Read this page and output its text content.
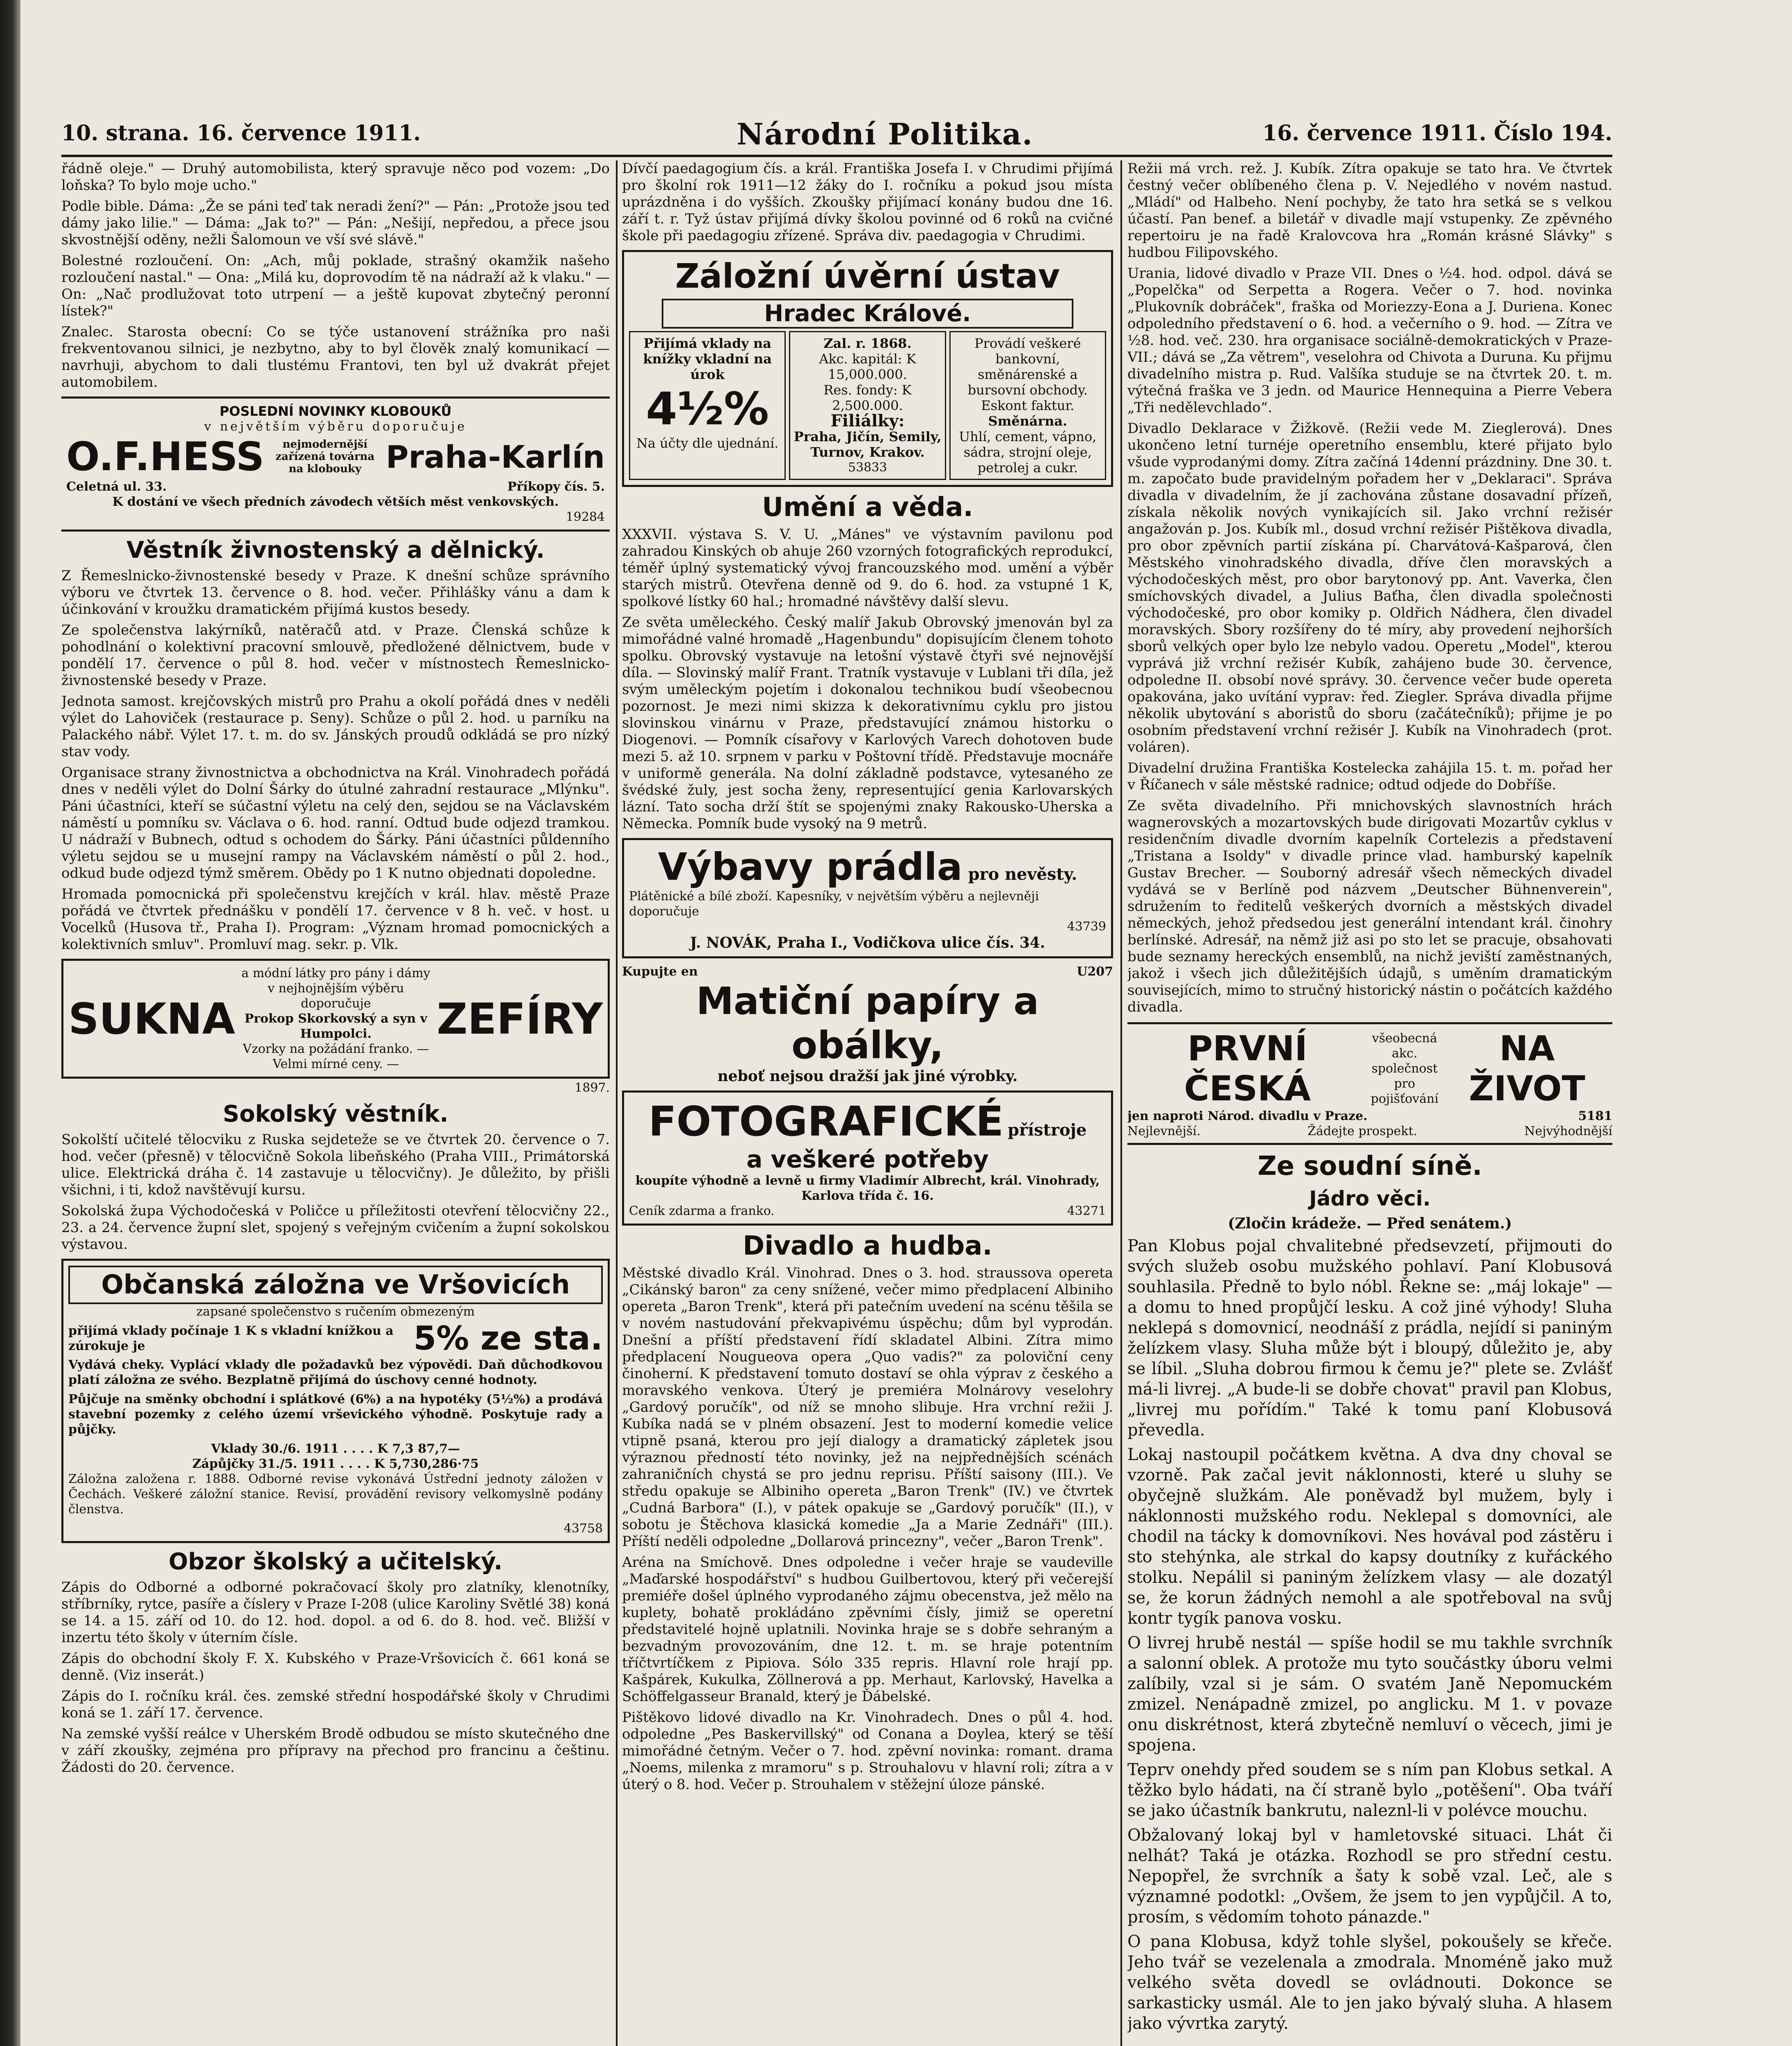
10. strana. 16. července 1911.	Národní Politika.	16. července 1911. Číslo 194.

řádně oleje." — Druhý automobilista, který spravuje něco pod vozem: „Do loňska? To bylo moje ucho."

Podle bible. Dáma: „Že se páni teď tak neradi žení?" — Pán: „Protože jsou teď dámy jako lilie." — Dáma: „Jak to?" — Pán: „Nešijí, nepředou, a přece jsou skvostnější oděny, nežli Šalomoun ve vší své slávě."

Bolestné rozloučení. On: „Ach, můj poklade, strašný okamžik našeho rozloučení nastal." — Ona: „Milá ku, doprovodím tě na nádraží až k vlaku." — On: „Nač prodlužovat toto utrpení — a ještě kupovat zbytečný peronní lístek?"

Znalec. Starosta obecní: Co se týče ustanovení strážníka pro naši frekventovanou silnici, je nezbytno, aby to byl člověk znalý komunikací — navrhuji, abychom to dali tlustému Frantovi, ten byl už dvakrát přejet automobilem.

POSLEDNÍ NOVINKY KLOBOUKŮ
v největším výběru doporučuje
O.F.HESS	nejmodernější zařízená továrna na klobouky Praha-Karlín
Celetná ul. 33.	Příkopy čís. 5.
K dostání ve všech předních závodech větších měst venkovských.
19284
Věstník živnostenský a dělnický.

Z Řemeslnicko-živnostenské besedy v Praze. K dnešní schůze správního výboru ve čtvrtek 13. července o 8. hod. večer. Přihlášky vánu a dam k účinkování v kroužku dramatickém přijímá kustos besedy.

Ze společenstva lakýrníků, natěračů atd. v Praze. Členská schůze k pohodlnání o kolektivní pracovní smlouvě, předložené dělnictvem, bude v pondělí 17. července o půl 8. hod. večer v místnostech Řemeslnicko-živnostenské besedy v Praze.

Jednota samost. krejčovských mistrů pro Prahu a okolí pořádá dnes v neděli výlet do Lahoviček (restaurace p. Seny). Schůze o půl 2. hod. u parníku na Palackého nábř. Výlet 17. t. m. do sv. Jánských proudů odkládá se pro nízký stav vody.

Organisace strany živnostnictva a obchodnictva na Král. Vinohradech pořádá dnes v neděli výlet do Dolní Šárky do útulné zahradní restaurace „Mlýnku". Páni účastníci, kteří se súčastní výletu na celý den, sejdou se na Václavském náměstí u pomníku sv. Václava o 6. hod. ranní. Odtud bude odjezd tramkou. U nádraží v Bubnech, odtud s ochodem do Šárky. Páni účastníci půldenního výletu sejdou se u musejní rampy na Václavském náměstí o půl 2. hod., odkud bude odjezd týmž směrem. Obědy po 1 K nutno objednati dopoledne.

Hromada pomocnická při společenstvu krejčích v král. hlav. městě Praze pořádá ve čtvrtek přednášku v pondělí 17. července v 8 h. več. v host. u Vocelků (Husova tř., Praha I). Program: „Význam hromad pomocnických a kolektivních smluv". Promluví mag. sekr. p. Vlk.

SUKNA
a módní látky pro pány i dámy v nejhojnějším výběru doporučuje
Prokop Skorkovský a syn v Humpolci.
Vzorky na požádání franko. — Velmi mírné ceny. —
ZEFÍRY
1897.
Sokolský věstník.

Sokolští učitelé tělocviku z Ruska sejdeteže se ve čtvrtek 20. července o 7. hod. večer (přesně) v tělocvičně Sokola libeňského (Praha VIII., Primátorská ulice. Elektrická dráha č. 14 zastavuje u tělocvičny). Je důležito, by přišli všichni, i ti, kdož navštěvují kursu.

Sokolská župa Východočeská v Poličce u příležitosti otevření tělocvičny 22., 23. a 24. července župní slet, spojený s veřejným cvičením a župní sokolskou výstavou.

Občanská záložna ve Vršovicích
zapsané společenstvo s ručením obmezeným
přijímá vklady počínaje 1 K s vkladní knížkou a zúrokuje je	5% ze sta.

Vydává cheky. Vyplácí vklady dle požadavků bez výpovědi. Daň důchodkovou platí záložna ze svého. Bezplatně přijímá do úschovy cenné hodnoty.

Půjčuje na směnky obchodní i splátkové (6%) a na hypotéky (5½%) a prodává stavební pozemky z celého území vrševického výhodně. Poskytuje rady a půjčky.

Vklady 30./6. 1911 . . . . K 7,3 87,7—
Zápůjčky 31./5. 1911 . . . . K 5,730,286·75

Záložna založena r. 1888. Odborné revise vykonává Ústřední jednoty záložen v Čechách. Veškeré záložní stanice. Revisí, provádění revisory velkomyslně podány členstva.

43758
Obzor školský a učitelský.

Zápis do Odborné a odborné pokračovací školy pro zlatníky, klenotníky, stříbrníky, rytce, pasíře a číslery v Praze I-208 (ulice Karoliny Světlé 38) koná se 14. a 15. září od 10. do 12. hod. dopol. a od 6. do 8. hod. več. Bližší v inzertu této školy v úterním čísle.

Zápis do obchodní školy F. X. Kubského v Praze-Vršovicích č. 661 koná se denně. (Viz inserát.)

Zápis do I. ročníku král. čes. zemské střední hospodářské školy v Chrudimi koná se 1. září 17. července.

Na zemské vyšší reálce v Uherském Brodě odbudou se místo skutečného dne v září zkoušky, zejména pro přípravy na přechod pro francinu a češtinu. Žádosti do 20. července.

Dívčí paedagogium čís. a král. Františka Josefa I. v Chrudimi přijímá pro školní rok 1911—12 žáky do I. ročníku a pokud jsou místa uprázdněna i do vyšších. Zkoušky přijímací konány budou dne 16. září t. r. Tyž ústav přijímá dívky školou povinné od 6 roků na cvičné škole při paedagogiu zřízené. Správa div. paedagogia v Chrudimi.

Záložní úvěrní ústav
Hradec Králové.
Přijímá vklady na knížky vkladní na úrok
4½%
Na účty dle ujednání.
Zal. r. 1868.
Akc. kapitál: K 15,000.000.
Res. fondy: K 2,500.000.
Filiálky:
Praha, Jičín, Semily, Turnov, Krakov.
53833
Provádí veškeré bankovní, směnárenské a bursovní obchody. Eskont faktur.
Směnárna.
Uhlí, cement, vápno, sádra, strojní oleje, petrolej a cukr.
Umění a věda.

XXXVII. výstava S. V. U. „Mánes" ve výstavním pavilonu pod zahradou Kinských ob ahuje 260 vzorných fotografických reprodukcí, téměř úplný systematický vývoj francouzského mod. umění a výběr starých mistrů. Otevřena denně od 9. do 6. hod. za vstupné 1 K, spolkové lístky 60 hal.; hromadné návštěvy další slevu.

Ze světa uměleckého. Český malíř Jakub Obrovský jmenován byl za mimořádné valné hromadě „Hagenbundu" dopisujícím členem tohoto spolku. Obrovský vystavuje na letošní výstavě čtyři své nejnovější díla. — Slovinský malíř Frant. Tratník vystavuje v Lublani tři díla, jež svým uměleckým pojetím i dokonalou technikou budí všeobecnou pozornost. Je mezi nimi skizza k dekorativnímu cyklu pro jistou slovinskou vinárnu v Praze, představující známou historku o Diogenovi. — Pomník císařovy v Karlových Varech dohotoven bude mezi 5. až 10. srpnem v parku v Poštovní třídě. Představuje mocnáře v uniformě generála. Na dolní základně podstavce, vytesaného ze švédské žuly, jest socha ženy, representující genia Karlovarských lázní. Tato socha drží štít se spojenými znaky Rakousko-Uherska a Německa. Pomník bude vysoký na 9 metrů.

Výbavy prádla pro nevěsty.
Plátěnické a bílé zboží. Kapesníky, v největším výběru a nejlevněji doporučuje
43739
J. NOVÁK, Praha I., Vodičkova ulice čís. 34.
Kupujte en	U207
Matiční papíry a obálky,
neboť nejsou dražší jak jiné výrobky.
FOTOGRAFICKÉ přístroje
a veškeré potřeby
koupíte výhodně a levně u firmy Vladimír Albrecht, král. Vinohrady, Karlova třída č. 16.
Ceník zdarma a franko.	43271
Divadlo a hudba.

Městské divadlo Král. Vinohrad. Dnes o 3. hod. straussova opereta „Cikánský baron" za ceny snížené, večer mimo předplacení Albiniho opereta „Baron Trenk", která při patečním uvedení na scénu těšila se v novém nastudování překvapivému úspěchu; dům byl vyprodán. Dnešní a příští představení řídí skladatel Albini. Zítra mimo předplacení Nougueova opera „Quo vadis?" za poloviční ceny činoherní. K představení tomuto dostaví se ohla výprav z českého a moravského venkova. Úterý je premiéra Molnárovy veselohry „Gardový poručík", od níž se mnoho slibuje. Hra vrchní režii J. Kubíka nadá se v plném obsazení. Jest to moderní komedie velice vtipně psaná, kterou pro její dialogy a dramatický zápletek jsou výraznou předností této novinky, jež na nejpřednějších scénách zahraničních chystá se pro jednu reprisu. Příští saisony (III.). Ve středu opakuje se Albiniho opereta „Baron Trenk" (IV.) ve čtvrtek „Cudná Barbora" (I.), v pátek opakuje se „Gardový poručík" (II.), v sobotu je Štěchova klasická komedie „Ja a Marie Zednáři" (III.). Příští neděli odpoledne „Dollarová princezny", večer „Baron Trenk".

Aréna na Smíchově. Dnes odpoledne i večer hraje se vaudeville „Maďarské hospodářství" s hudbou Guilbertovou, který při večerejší premiéře došel úplného vyprodaného zájmu obecenstva, jež mělo na kuplety, bohatě prokládáno zpěvními čísly, jimiž se operetní představitelé hojně uplatnili. Novinka hraje se s dobře sehraným a bezvadným provozováním, dne 12. t. m. se hraje potentním tříčtvrtíčkem z Pipiova. Sólo 335 repris. Hlavní role hrají pp. Kašpárek, Kukulka, Zöllnerová a pp. Merhaut, Karlovský, Havelka a Schöffelgasseur Branald, který je Ďábelské.

Pištěkovo lidové divadlo na Kr. Vinohradech. Dnes o půl 4. hod. odpoledne „Pes Baskervillský" od Conana a Doylea, který se těší mimořádné četným. Večer o 7. hod. zpěvní novinka: romant. drama „Noems, milenka z mramoru" s p. Strouhalovu v hlavní roli; zítra a v úterý o 8. hod. Večer p. Strouhalem v stěžejní úloze pánské.

Režii má vrch. rež. J. Kubík. Zítra opakuje se tato hra. Ve čtvrtek čestný večer oblíbeného člena p. V. Nejedlého v novém nastud. „Mládí" od Halbeho. Není pochyby, že tato hra setká se s velkou účastí. Pan benef. a biletář v divadle mají vstupenky. Ze zpěvného repertoiru je na řadě Kralovcova hra „Román krásné Slávky" s hudbou Filipovského.

Urania, lidové divadlo v Praze VII. Dnes o ½4. hod. odpol. dává se „Popelčka" od Serpetta a Rogera. Večer o 7. hod. novinka „Plukovník dobráček", fraška od Moriezzy-Eona a J. Duriena. Konec odpoledního představení o 6. hod. a večerního o 9. hod. — Zítra ve ½8. hod. več. 230. hra organisace sociálně-demokratických v Praze-VII.; dává se „Za větrem", veselohra od Chivota a Duruna. Ku přijmu divadelního mistra p. Rud. Valšíka studuje se na čtvrtek 20. t. m. výtečná fraška ve 3 jedn. od Maurice Hennequina a Pierre Vebera „Tři nedělevchlado“.

Divadlo Deklarace v Žižkově. (Režii vede M. Zieglerová). Dnes ukončeno letní turnéje operetního ensemblu, které přijato bylo všude vyprodanými domy. Zítra začíná 14denní prázdniny. Dne 30. t. m. započato bude pravidelným pořadem her v „Deklaraci". Správa divadla v divadelním, že jí zachována zůstane dosavadní přízeň, získala několik nových vynikajících sil. Jako vrchní režisér angažován p. Jos. Kubík ml., dosud vrchní režisér Pištěkova divadla, pro obor zpěvních partií získána pí. Charvátová-Kašparová, člen Městského vinohradského divadla, dříve člen moravských a východočeských měst, pro obor barytonový pp. Ant. Vaverka, člen smíchovských divadel, a Julius Baťha, člen divadla společnosti východočeské, pro obor komiky p. Oldřich Nádhera, člen divadel moravských. Sbory rozšířeny do té míry, aby provedení nejhorších sborů velkých oper bylo lze nebylo vadou. Operetu „Model", kterou vyprává již vrchní režisér Kubík, zahájeno bude 30. července, odpoledne II. obsobí nové správy. 30. července večer bude opereta opakována, jako uvítání vyprav: řed. Ziegler. Správa divadla přijme několik ubytování s aboristů do sboru (začátečníků); přijme je po osobním představení vrchní režisér J. Kubík na Vinohradech (prot. voláren).

Divadelní družina Františka Kostelecka zahájila 15. t. m. pořad her v Říčanech v sále městské radnice; odtud odjede do Dobříše.

Ze světa divadelního. Při mnichovských slavnostních hrách wagnerovských a mozartovských bude dirigovati Mozartův cyklus v residenčním divadle dvorním kapelník Cortelezis a představení „Tristana a Isoldy" v divadle prince vlad. hamburský kapelník Gustav Brecher. — Souborný adresář všech německých divadel vydává se v Berlíně pod názvem „Deutscher Bühnenverein", sdružením to ředitelů veškerých dvorních a městských divadel německých, jehož předsedou jest generální intendant král. činohry berlínské. Adresář, na němž již asi po sto let se pracuje, obsahovati bude seznamy hereckých ensemblů, na nichž jeviští zaměstnaných, jakož i všech jich důležitějších údajů, s uměním dramatickým souvisejících, mimo to stručný historický nástin o počátcích každého divadla.

PRVNÍ ČESKÁ
všeobecná akc. společnost
pro
pojišťování
NA ŽIVOT
jen naproti Národ. divadlu v Praze.	5181
Nejlevnější.	Žádejte prospekt.	Nejvýhodnější
Ze soudní síně.
Jádro věci.
(Zločin krádeže. — Před senátem.)

Pan Klobus pojal chvalitebné předsevzetí, přijmouti do svých služeb osobu mužského pohlaví. Paní Klobusová souhlasila. Předně to bylo nóbl. Řekne se: „máj lokaje" — a domu to hned propůjčí lesku. A což jiné výhody! Sluha neklepá s domovnicí, neodnáší z prádla, nejídí si paniným želízkem vlasy. Sluha může být i bloupý, důležito je, aby se líbil. „Sluha dobrou firmou k čemu je?" plete se. Zvlášť má-li livrej. „A bude-li se dobře chovat" pravil pan Klobus, „livrej mu pořídím." Také k tomu paní Klobusová převedla.

Lokaj nastoupil počátkem května. A dva dny choval se vzorně. Pak začal jevit náklonnosti, které u sluhy se obyčejně služkám. Ale poněvadž byl mužem, byly i náklonnosti mužského rodu. Neklepal s domovníci, ale chodil na tácky k domovníkovi. Nes hovával pod zástěru i sto stehýnka, ale strkal do kapsy doutníky z kuřáckého stolku. Nepálil si paniným želízkem vlasy — ale dozatýl se, že korun žádných nemohl a ale spotřeboval na svůj kontr tygík panova vosku.

O livrej hrubě nestál — spíše hodil se mu takhle svrchník a salonní oblek. A protože mu tyto součástky úboru velmi zalíbily, vzal si je sám. O svatém Janě Nepomuckém zmizel. Nenápadně zmizel, po anglicku. M 1. v povaze onu diskrétnost, která zbytečně nemluví o věcech, jimi je spojena.

Teprv onehdy před soudem se s ním pan Klobus setkal. A těžko bylo hádati, na čí straně bylo „potěšení". Oba tváří se jako účastník bankrutu, naleznl-li v polévce mouchu.

Obžalovaný lokaj byl v hamletovské situaci. Lhát či nelhát? Taká je otázka. Rozhodl se pro střední cestu. Nepopřel, že svrchník a šaty k sobě vzal. Leč, ale s významné podotkl: „Ovšem, že jsem to jen vypůjčil. A to, prosím, s vědomím tohoto pánazde."

O pana Klobusa, když tohle slyšel, pokoušely se křeče. Jeho tvář se vezelenala a zmodrala. Mnoméně jako muž velkého světa dovedl se ovládnouti. Dokonce se sarkasticky usmál. Ale to jen jako bývalý sluha. A hlasem jako vývrtka zarytý.
